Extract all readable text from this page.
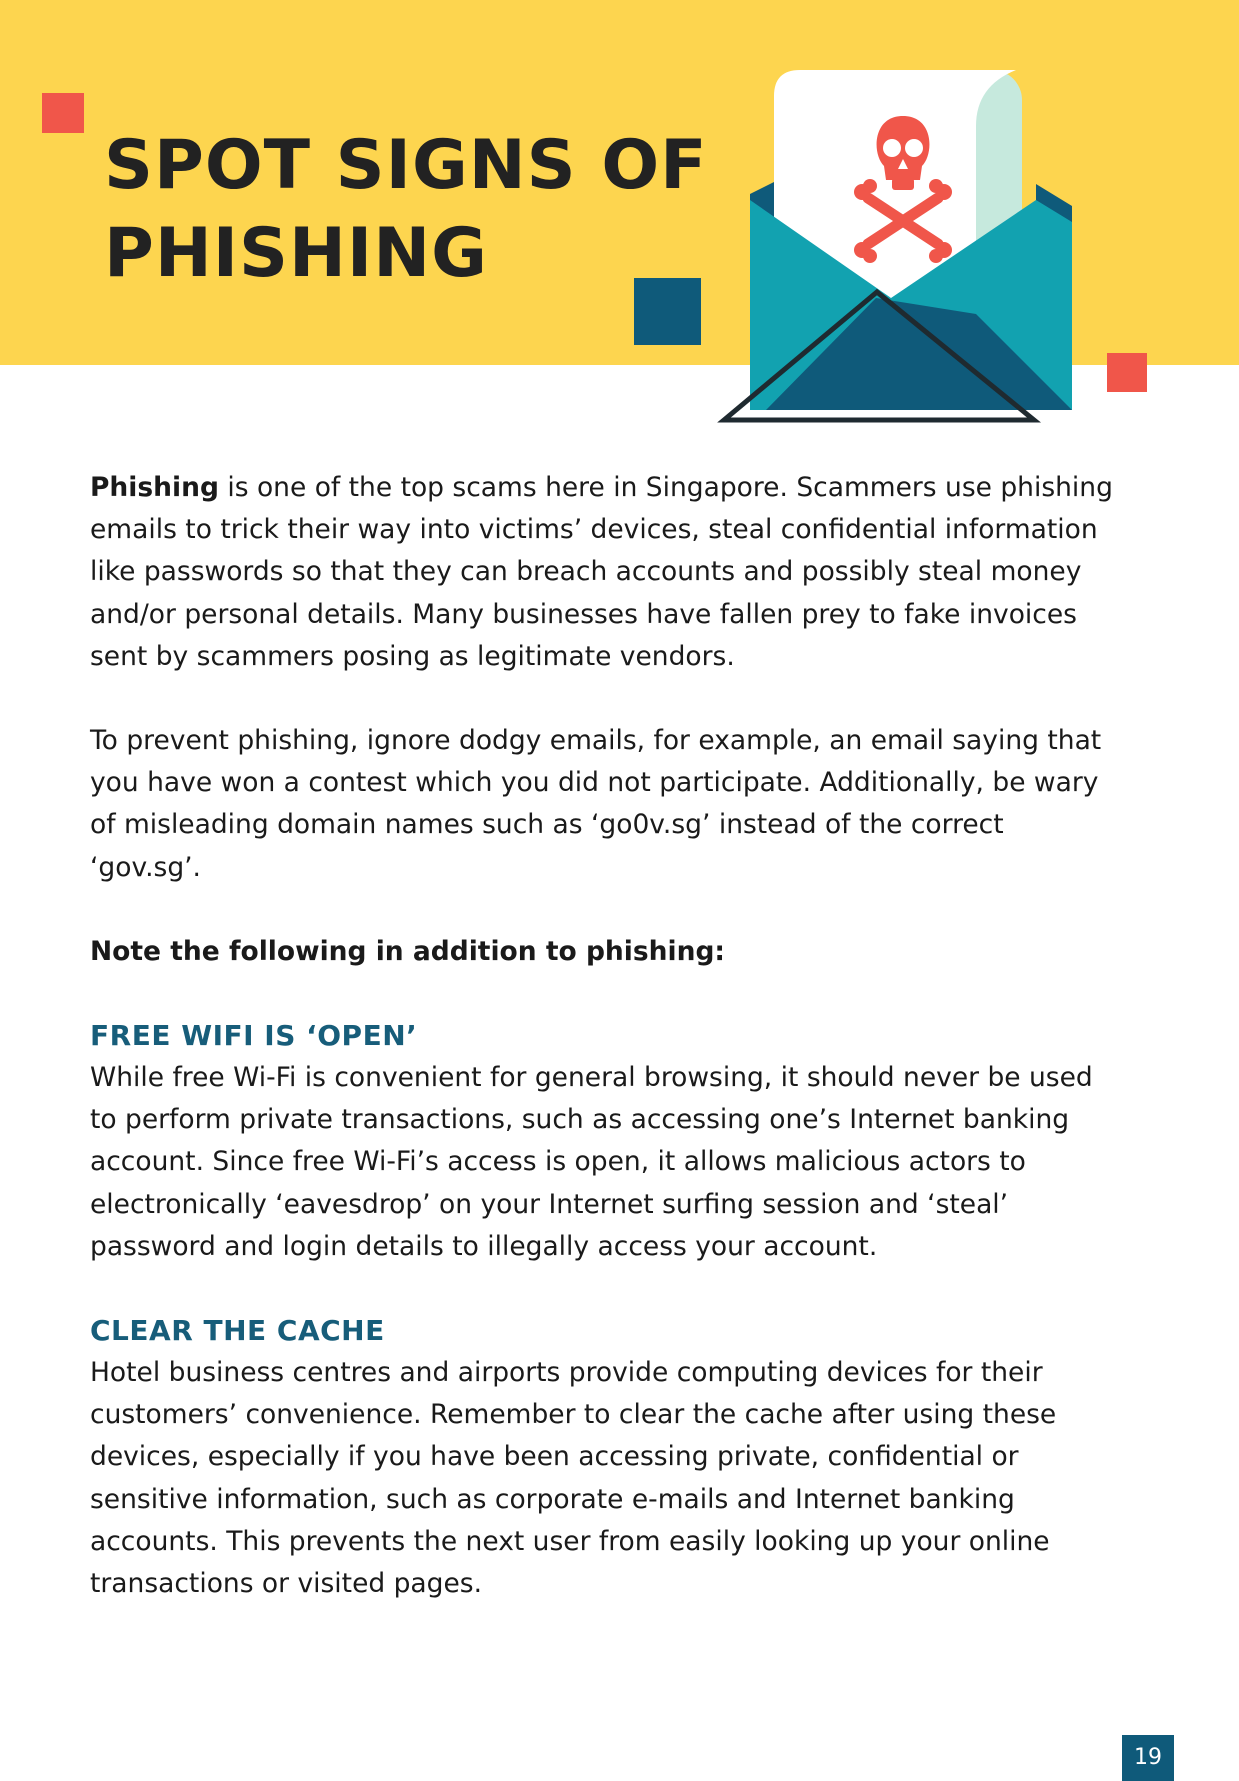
SPOT SIGNS OF
PHISHING

Phishing is one of the top scams here in Singapore. Scammers use phishing emails to trick their way into victims’ devices, steal confidential information like passwords so that they can breach accounts and possibly steal money and/or personal details. Many businesses have fallen prey to fake invoices sent by scammers posing as legitimate vendors.

To prevent phishing, ignore dodgy emails, for example, an email saying that you have won a contest which you did not participate. Additionally, be wary of misleading domain names such as ‘go0v.sg’ instead of the correct ‘gov.sg’.

Note the following in addition to phishing:

FREE WIFI IS ‘OPEN’

While free Wi-Fi is convenient for general browsing, it should never be used to perform private transactions, such as accessing one’s Internet banking account. Since free Wi-Fi’s access is open, it allows malicious actors to electronically ‘eavesdrop’ on your Internet surfing session and ‘steal’ password and login details to illegally access your account.

CLEAR THE CACHE

Hotel business centres and airports provide computing devices for their customers’ convenience. Remember to clear the cache after using these devices, especially if you have been accessing private, confidential or sensitive information, such as corporate e-mails and Internet banking accounts. This prevents the next user from easily looking up your online transactions or visited pages.

19
